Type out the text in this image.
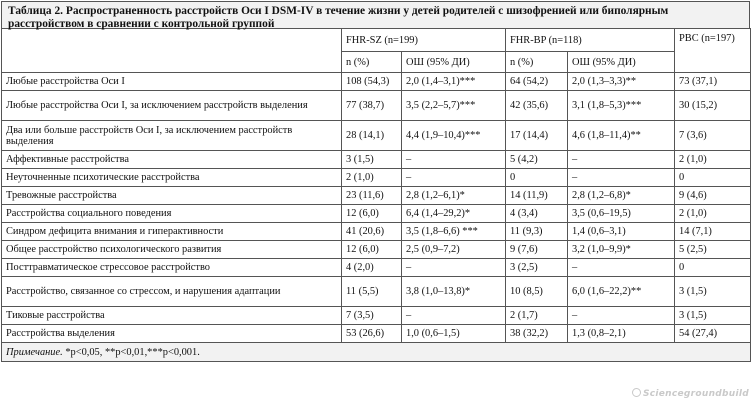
Таблица 2. Распространенность расстройств Оси I DSM-IV в течение жизни у детей родителей с шизофренией или биполярным расстройством в сравнении с контрольной группой
	FHR-SZ (n=199)		FHR-BP (n=118)		PBC (n=197)
	n (%)	ОШ (95% ДИ)	n (%)	ОШ (95% ДИ)	
Любые расстройства Оси I	108 (54,3)	2,0 (1,4–3,1)***	64 (54,2)	2,0 (1,3–3,3)**	73 (37,1)
Любые расстройства Оси I, за исключением расстройств выделения	77 (38,7)	3,5 (2,2–5,7)***	42 (35,6)	3,1 (1,8–5,3)***	30 (15,2)
Два или больше расстройств Оси I, за исключением расстройств выделения	28 (14,1)	4,4 (1,9–10,4)***	17 (14,4)	4,6 (1,8–11,4)**	7 (3,6)
Аффективные расстройства	3 (1,5)	–	5 (4,2)	–	2 (1,0)
Неуточненные психотические расстройства	2 (1,0)	–	0	–	0
Тревожные расстройства	23 (11,6)	2,8 (1,2–6,1)*	14 (11,9)	2,8 (1,2–6,8)*	9 (4,6)
Расстройства социального поведения	12 (6,0)	6,4 (1,4–29,2)*	4 (3,4)	3,5 (0,6–19,5)	2 (1,0)
Синдром дефицита внимания и гиперактивности	41 (20,6)	3,5 (1,8–6,6) ***	11 (9,3)	1,4 (0,6–3,1)	14 (7,1)
Общее расстройство психологического развития	12 (6,0)	2,5 (0,9–7,2)	9 (7,6)	3,2 (1,0–9,9)*	5 (2,5)
Посттравматическое стрессовое расстройство	4 (2,0)	–	3 (2,5)	–	0
Расстройство, связанное со стрессом, и нарушения адаптации	11 (5,5)	3,8 (1,0–13,8)*	10 (8,5)	6,0 (1,6–22,2)**	3 (1,5)
Тиковые расстройства	7 (3,5)	–	2 (1,7)	–	3 (1,5)
Расстройства выделения	53 (26,6)	1,0 (0,6–1,5)	38 (32,2)	1,3 (0,8–2,1)	54 (27,4)
Примечание. *p<0,05, **p<0,01,***p<0,001.					
Sciencegroundbuild
